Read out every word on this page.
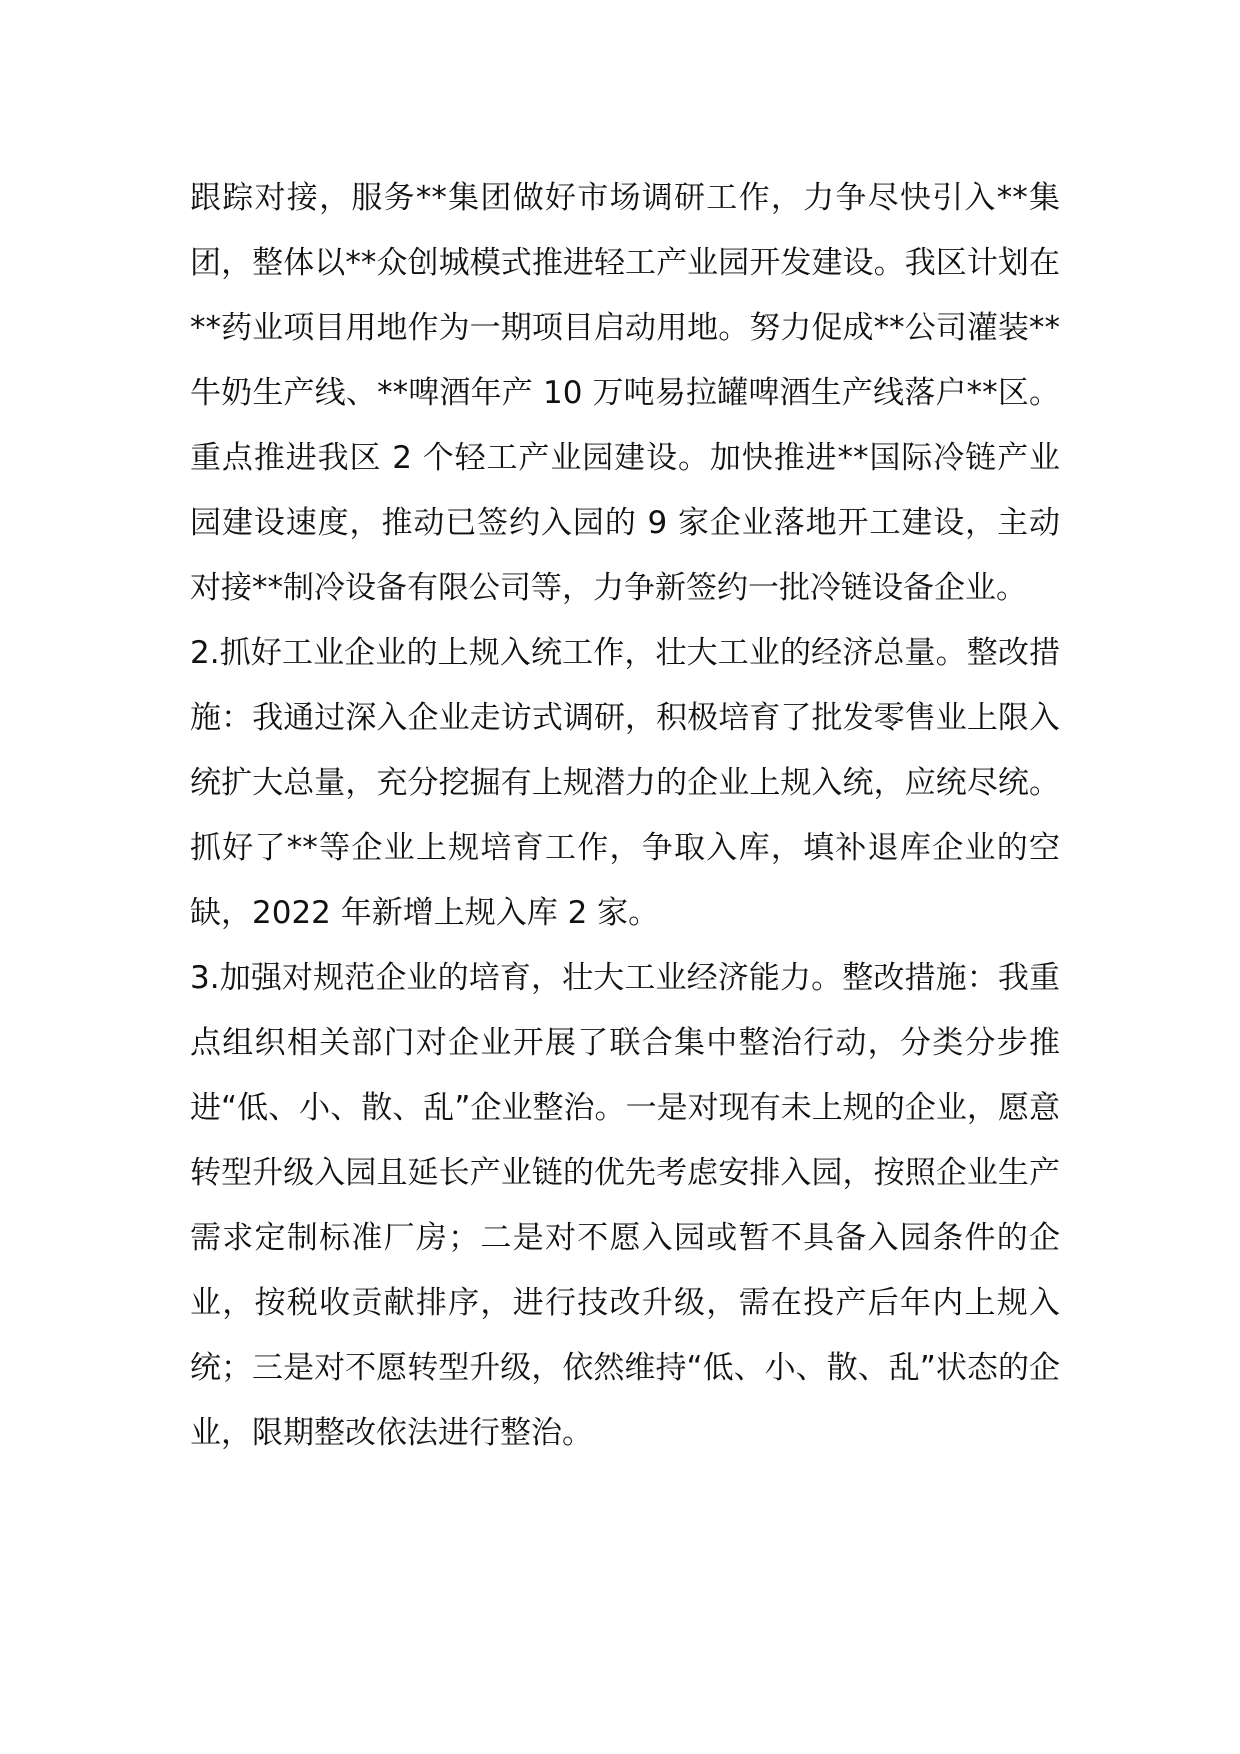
跟踪对接，服务**集团做好市场调研工作，力争尽快引入**集团，整体以**众创城模式推进轻工产业园开发建设。我区计划在**药业项目用地作为一期项目启动用地。努力促成**公司灌装**牛奶生产线、**啤酒年产 10 万吨易拉罐啤酒生产线落户**区。重点推进我区 2 个轻工产业园建设。加快推进**国际冷链产业园建设速度，推动已签约入园的 9 家企业落地开工建设，主动对接**制冷设备有限公司等，力争新签约一批冷链设备企业。

2.抓好工业企业的上规入统工作，壮大工业的经济总量。整改措施：我通过深入企业走访式调研，积极培育了批发零售业上限入统扩大总量，充分挖掘有上规潜力的企业上规入统，应统尽统。抓好了**等企业上规培育工作，争取入库，填补退库企业的空缺，2022 年新增上规入库 2 家。

3.加强对规范企业的培育，壮大工业经济能力。整改措施：我重点组织相关部门对企业开展了联合集中整治行动，分类分步推进“低、小、散、乱”企业整治。一是对现有未上规的企业，愿意转型升级入园且延长产业链的优先考虑安排入园，按照企业生产需求定制标准厂房；二是对不愿入园或暂不具备入园条件的企业，按税收贡献排序，进行技改升级，需在投产后年内上规入统；三是对不愿转型升级，依然维持“低、小、散、乱”状态的企业，限期整改依法进行整治。
